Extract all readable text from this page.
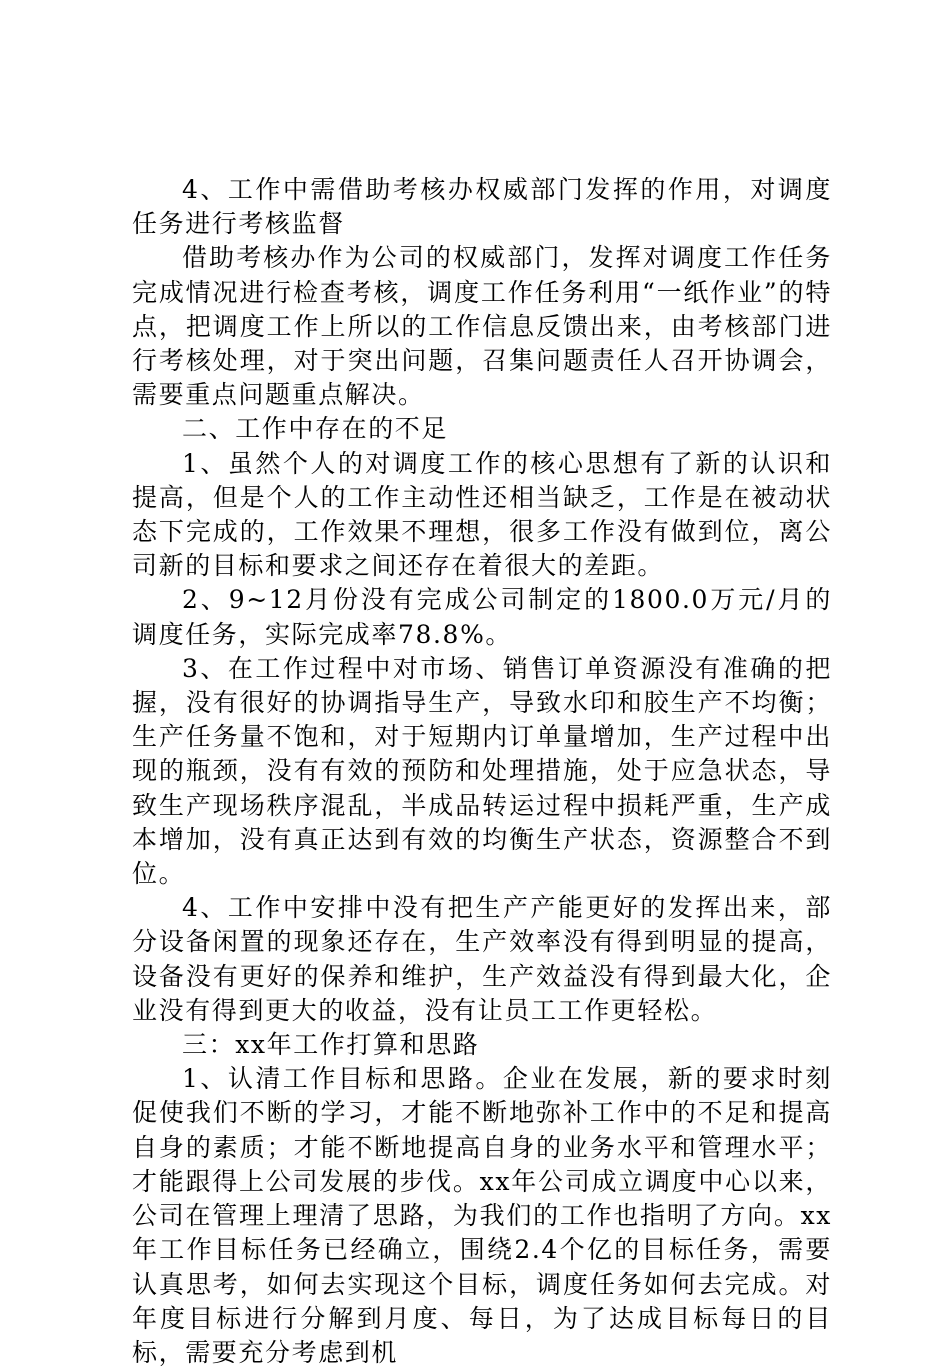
4、工作中需借助考核办权威部门发挥的作用，对调度任务进行考核监督

借助考核办作为公司的权威部门，发挥对调度工作任务完成情况进行检查考核，调度工作任务利用“一纸作业”的特点，把调度工作上所以的工作信息反馈出来，由考核部门进行考核处理，对于突出问题，召集问题责任人召开协调会，需要重点问题重点解决。

二、工作中存在的不足

1、虽然个人的对调度工作的核心思想有了新的认识和提高，但是个人的工作主动性还相当缺乏，工作是在被动状态下完成的，工作效果不理想，很多工作没有做到位，离公司新的目标和要求之间还存在着很大的差距。

2、9~12月份没有完成公司制定的1800.0万元/月的调度任务，实际完成率78.8%。

3、在工作过程中对市场、销售订单资源没有准确的把握，没有很好的协调指导生产，导致水印和胶生产不均衡；生产任务量不饱和，对于短期内订单量增加，生产过程中出现的瓶颈，没有有效的预防和处理措施，处于应急状态，导致生产现场秩序混乱，半成品转运过程中损耗严重，生产成本增加，没有真正达到有效的均衡生产状态，资源整合不到位。

4、工作中安排中没有把生产产能更好的发挥出来，部分设备闲置的现象还存在，生产效率没有得到明显的提高，设备没有更好的保养和维护，生产效益没有得到最大化，企业没有得到更大的收益，没有让员工工作更轻松。

三：xx年工作打算和思路

1、认清工作目标和思路。企业在发展，新的要求时刻促使我们不断的学习，才能不断地弥补工作中的不足和提高自身的素质；才能不断地提高自身的业务水平和管理水平；才能跟得上公司发展的步伐。xx年公司成立调度中心以来，公司在管理上理清了思路，为我们的工作也指明了方向。xx年工作目标任务已经确立，围绕2.4个亿的目标任务，需要认真思考，如何去实现这个目标，调度任务如何去完成。对年度目标进行分解到月度、每日，为了达成目标每日的目标，需要充分考虑到机
